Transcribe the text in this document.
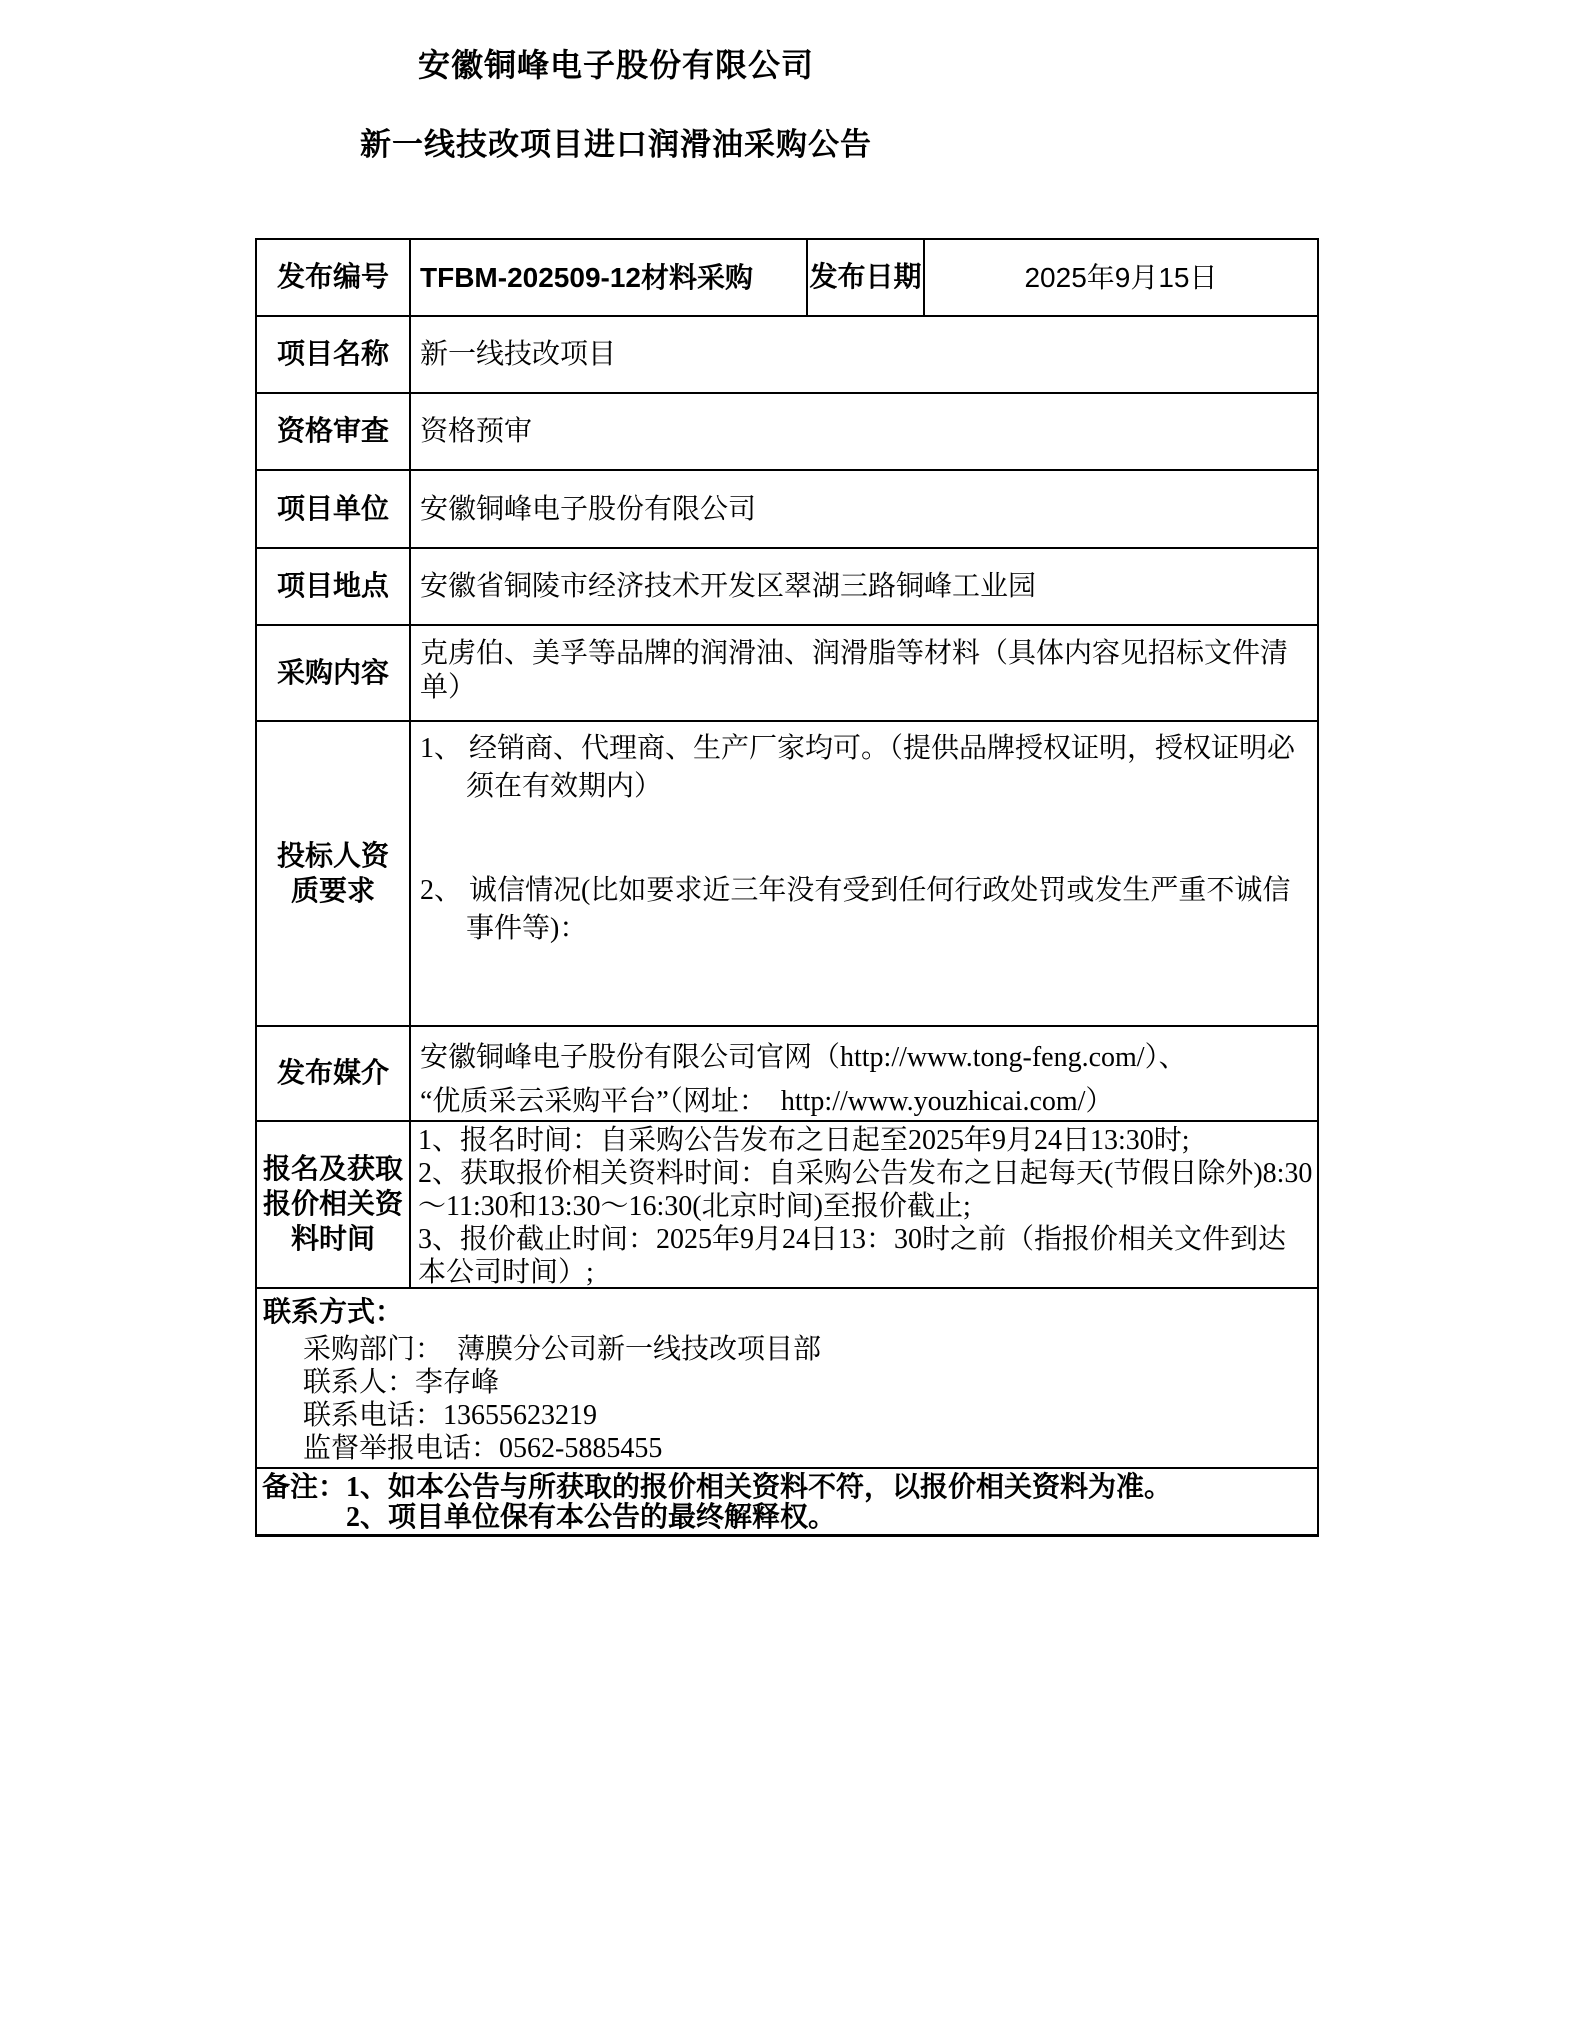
安徽铜峰电子股份有限公司
新一线技改项目进口润滑油采购公告
发布编号 TFBM-202509-12材料采购 发布日期	2025年9月15日
项目名称 新一线技改项目
资格审查 资格预审
项目单位 安徽铜峰电子股份有限公司
项目地点 安徽省铜陵市经济技术开发区翠湖三路铜峰工业园
采购内容
克虏伯、美孚等品牌的润滑油、润滑脂等材料（具体内容见招标文件清单）
投标人资质要求
1、 经销商、代理商、生产厂家均可。（提供品牌授权证明，授权证明必须在有效期内）
2、 诚信情况(比如要求近三年没有受到任何行政处罚或发生严重不诚信事件等)：
发布媒介
安徽铜峰电子股份有限公司官网（http://www.tong-feng.com/）、
“优质采云采购平台”（网址：　http://www.youzhicai.com/）
报名及获取报价相关资料时间
1、报名时间：自采购公告发布之日起至2025年9月24日13:30时;
2、获取报价相关资料时间：自采购公告发布之日起每天(节假日除外)8:30～11:30和13:30～16:30(北京时间)至报价截止;
3、报价截止时间：2025年9月24日13：30时之前（指报价相关文件到达本公司时间）;
联系方式：
采购部门：　薄膜分公司新一线技改项目部
联系人：李存峰
联系电话：13655623219
监督举报电话：0562-5885455
备注：1、如本公告与所获取的报价相关资料不符，以报价相关资料为准。
2、项目单位保有本公告的最终解释权。
